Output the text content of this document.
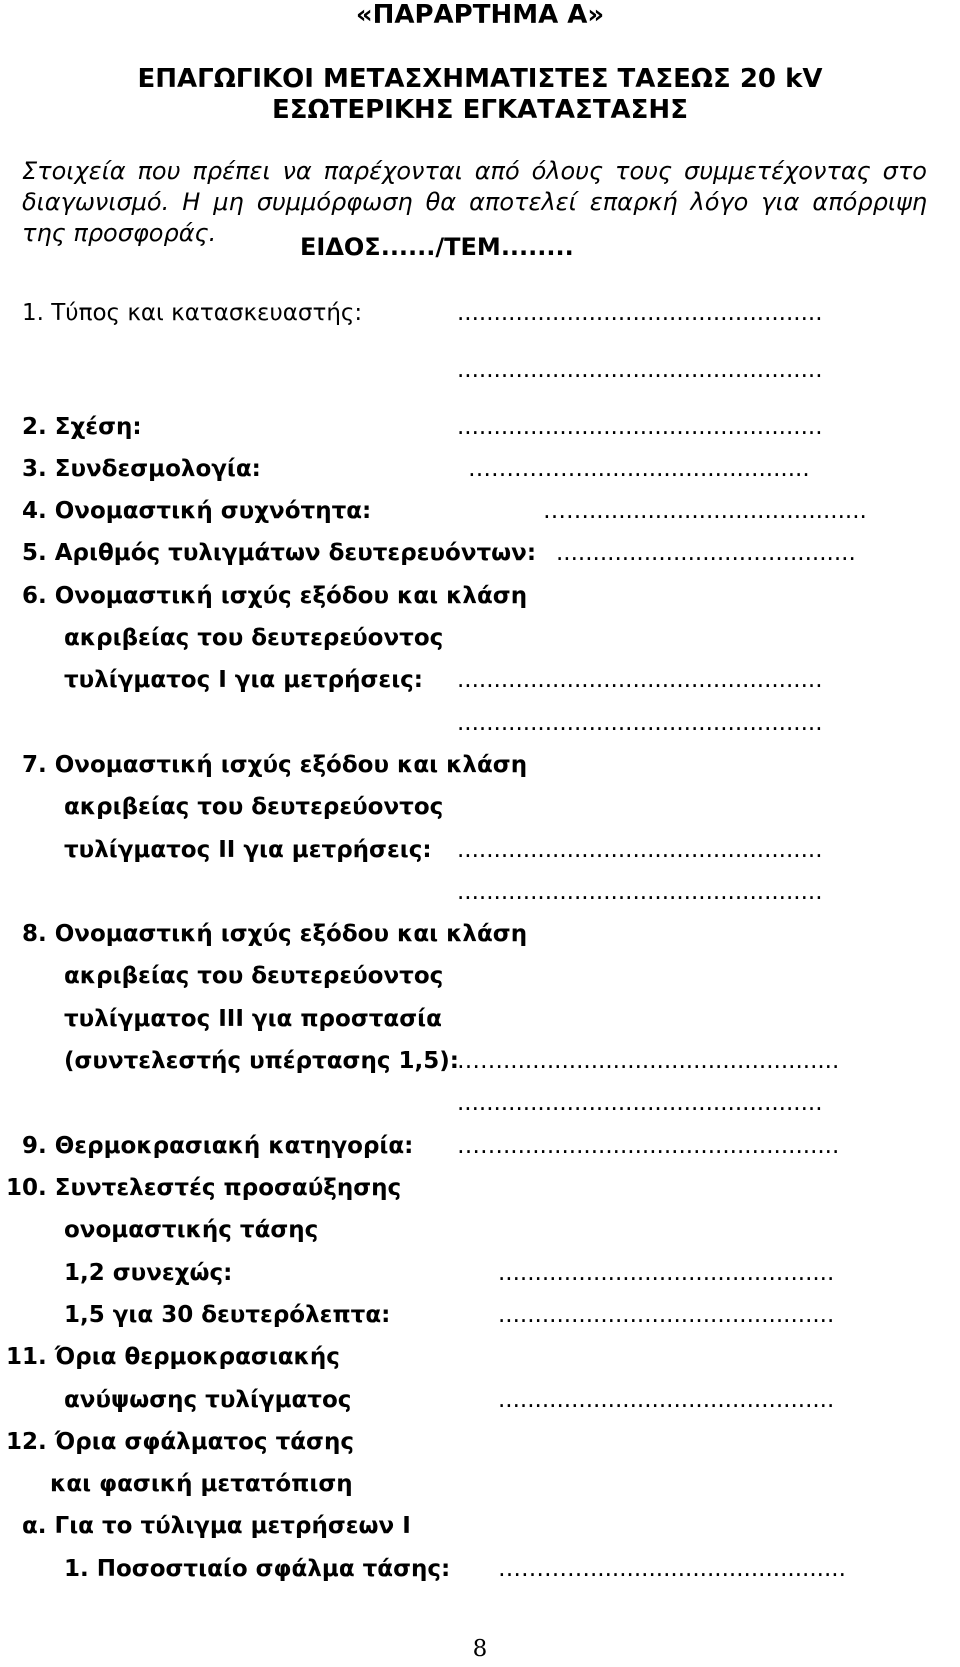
«ΠΑΡΑΡΤΗΜΑ Α»
ΕΠΑΓΩΓΙΚΟΙ ΜΕΤΑΣΧΗΜΑΤΙΣΤΕΣ ΤΑΣΕΩΣ 20 kV
ΕΣΩΤΕΡΙΚΗΣ ΕΓΚΑΤΑΣΤΑΣΗΣ
Στοιχεία που πρέπει να παρέχονται από όλους τους συμμετέχοντας στο διαγωνισμό. Η μη συμμόρφωση θα αποτελεί επαρκή λόγο για απόρριψη της προσφοράς.	ΕΙΔΟΣ....../ΤΕΜ........
1. Τύπος και κατασκευαστής:	..................................................
..................................................
2. Σχέση:	..................................................
3. Συνδεσμολογία:	……………...............................
4. Ονομαστική συχνότητα:	……......................................
5. Αριθμός τυλιγμάτων δευτερευόντων: .........................................
6. Ονομαστική ισχύς εξόδου και κλάση
ακριβείας του δευτερεύοντος
τυλίγματος Ι για μετρήσεις: ..................................................
..................................................
7. Ονομαστική ισχύς εξόδου και κλάση
ακριβείας του δευτερεύοντος
τυλίγματος ΙΙ για μετρήσεις: ..................................................
..................................................
8. Ονομαστική ισχύς εξόδου και κλάση
ακριβείας του δευτερεύοντος
τυλίγματος ΙΙΙ για προστασία
(συντελεστής υπέρτασης 1,5):
……..............................................
..................................................
9. Θερμοκρασιακή κατηγορία: ……..............................................
10. Συντελεστές προσαύξησης
ονομαστικής τάσης
1,2 συνεχώς:	..............................................
1,5 για 30 δευτερόλεπτα:	..............................................
11. Όρια θερμοκρασιακής
ανύψωσης τυλίγματος	..............................................
12. Όρια σφάλματος τάσης
και φασική μετατόπιση
α. Για το τύλιγμα μετρήσεων Ι
1. Ποσοστιαίο σφάλμα τάσης: …………...................................
8
